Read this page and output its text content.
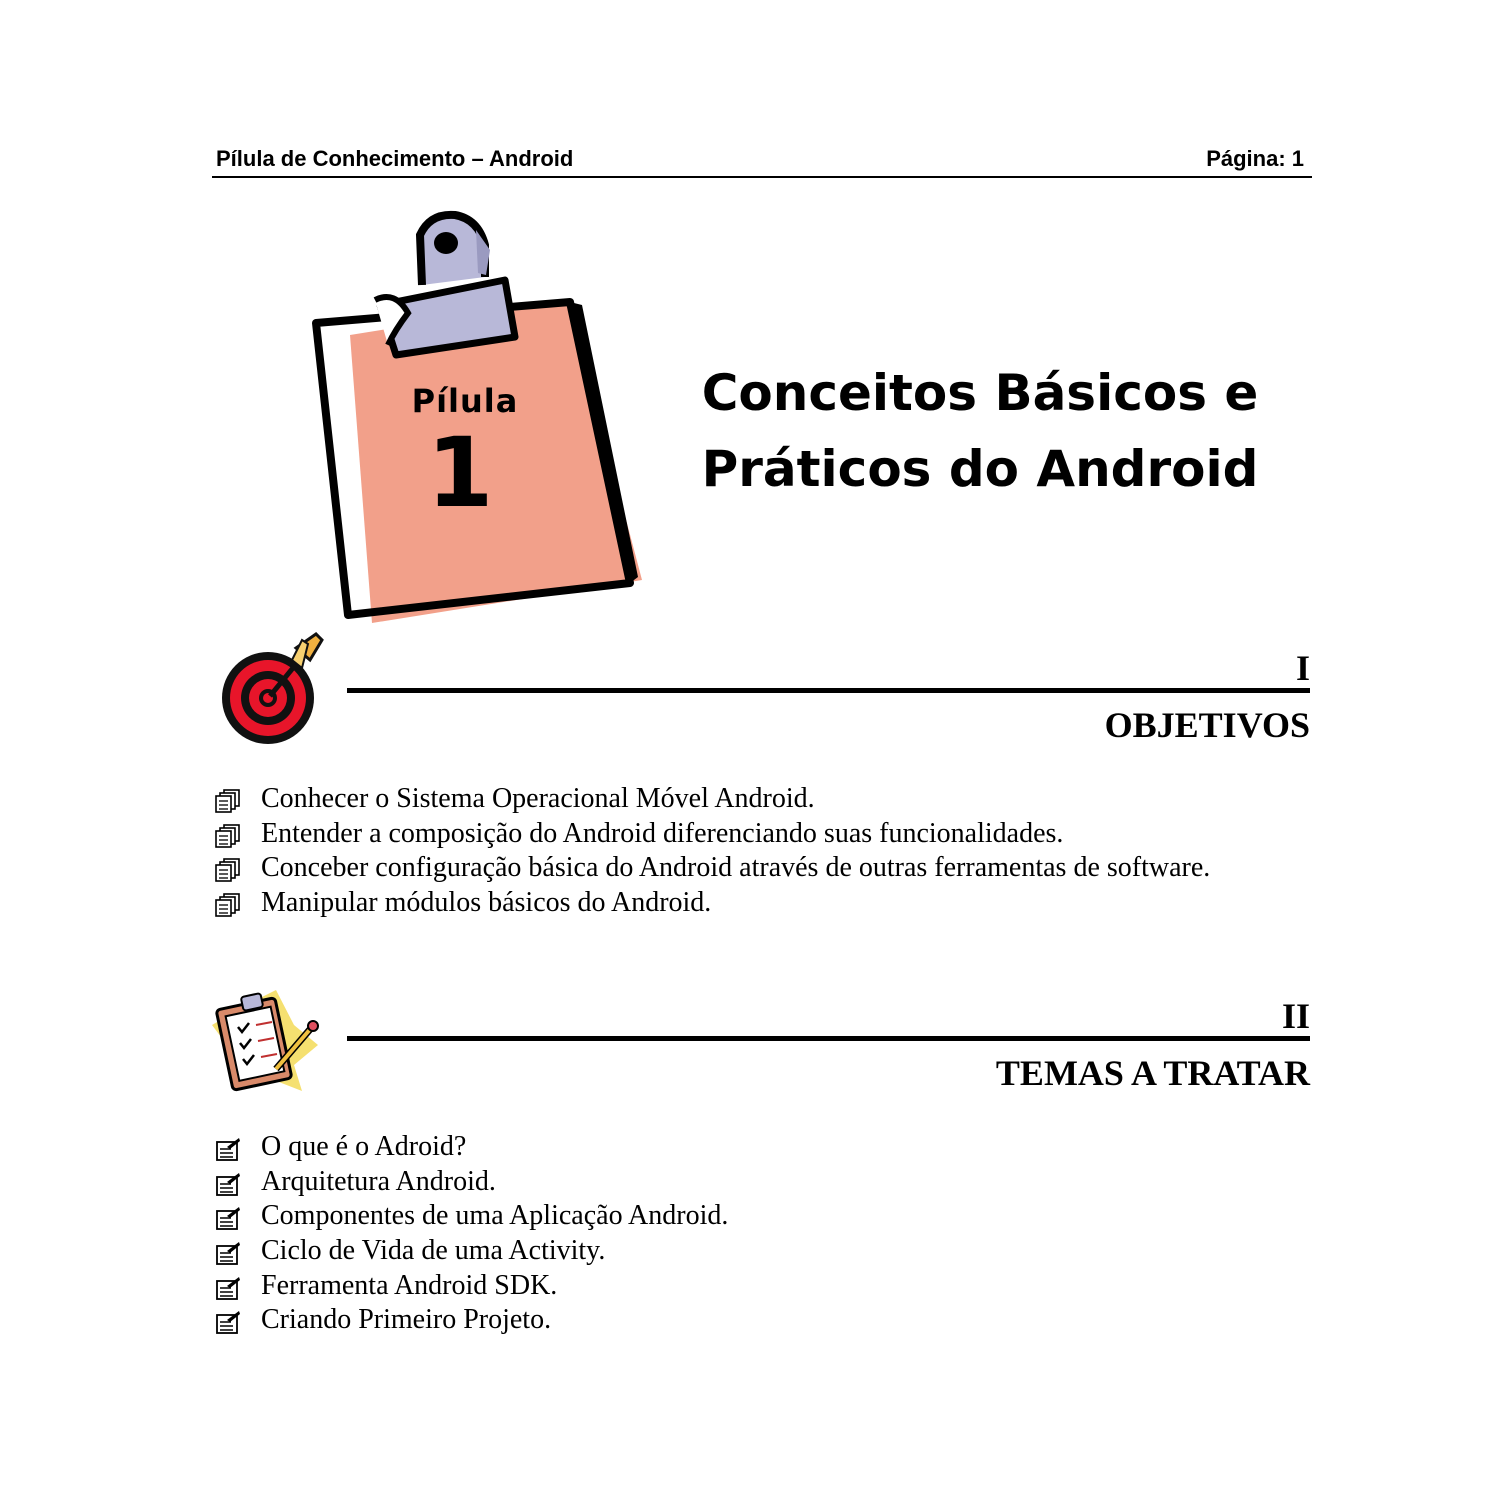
Pílula de Conhecimento – Android	Página: 1
Pílula
1
Conceitos Básicos e
Práticos do Android
I
OBJETIVOS
Conhecer o Sistema Operacional Móvel Android.
Entender a composição do Android diferenciando suas funcionalidades.
Conceber configuração básica do Android através de outras ferramentas de software.
Manipular módulos básicos do Android.
II
TEMAS A TRATAR
O que é o Adroid?
Arquitetura Android.
Componentes de uma Aplicação Android.
Ciclo de Vida de uma Activity.
Ferramenta Android SDK.
Criando Primeiro Projeto.
